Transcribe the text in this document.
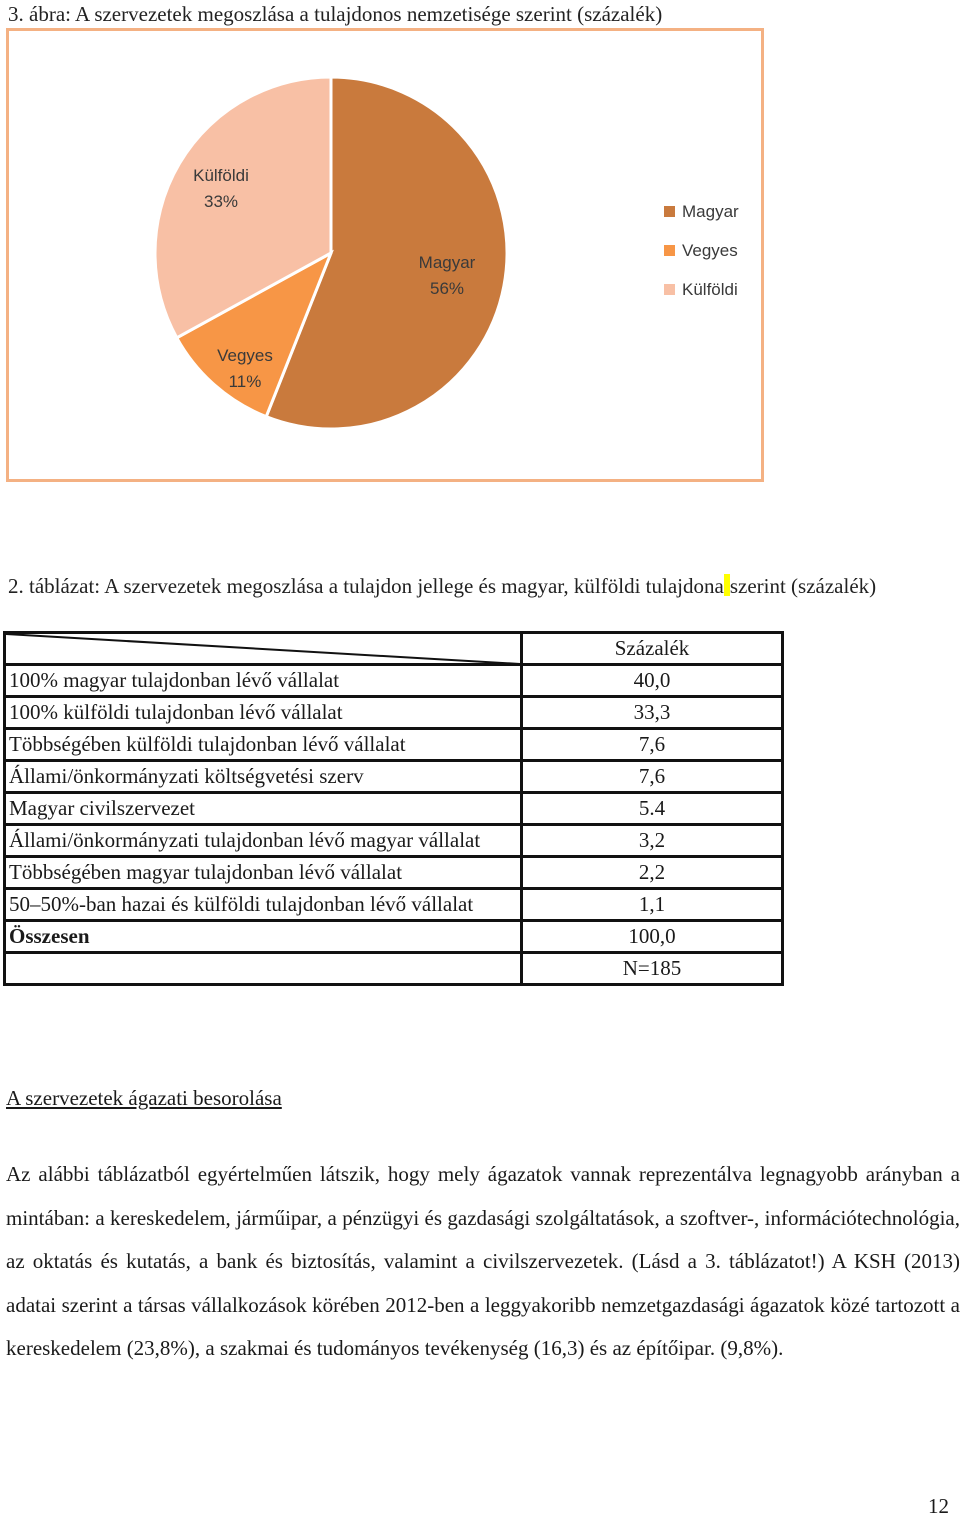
3. ábra: A szervezetek megoszlása a tulajdonos nemzetisége szerint (százalék)
Magyar
56%
Vegyes
11%
Külföldi
33%
Magyar
Vegyes
Külföldi
2. táblázat: A szervezetek megoszlása a tulajdon jellege és magyar, külföldi tulajdona szerint (százalék)
	Százalék
100% magyar tulajdonban lévő vállalat	40,0
100% külföldi tulajdonban lévő vállalat	33,3
Többségében külföldi tulajdonban lévő vállalat	7,6
Állami/önkormányzati költségvetési szerv	7,6
Magyar civilszervezet	5.4
Állami/önkormányzati tulajdonban lévő magyar vállalat	3,2
Többségében magyar tulajdonban lévő vállalat	2,2
50–50%-ban hazai és külföldi tulajdonban lévő vállalat	1,1
Összesen	100,0
	N=185
A szervezetek ágazati besorolása

Az alábbi táblázatból egyértelműen látszik, hogy mely ágazatok vannak reprezentálva legnagyobb arányban a mintában: a kereskedelem, járműipar, a pénzügyi és gazdasági szolgáltatások, a szoftver-, információtechnológia, az oktatás és kutatás, a bank és biztosítás, valamint a civilszervezetek. (Lásd a 3. táblázatot!) A KSH (2013) adatai szerint a társas vállalkozások körében 2012-ben a leggyakoribb nemzetgazdasági ágazatok közé tartozott a kereskedelem (23,8%), a szakmai és tudományos tevékenység (16,3) és az építőipar. (9,8%).

12
